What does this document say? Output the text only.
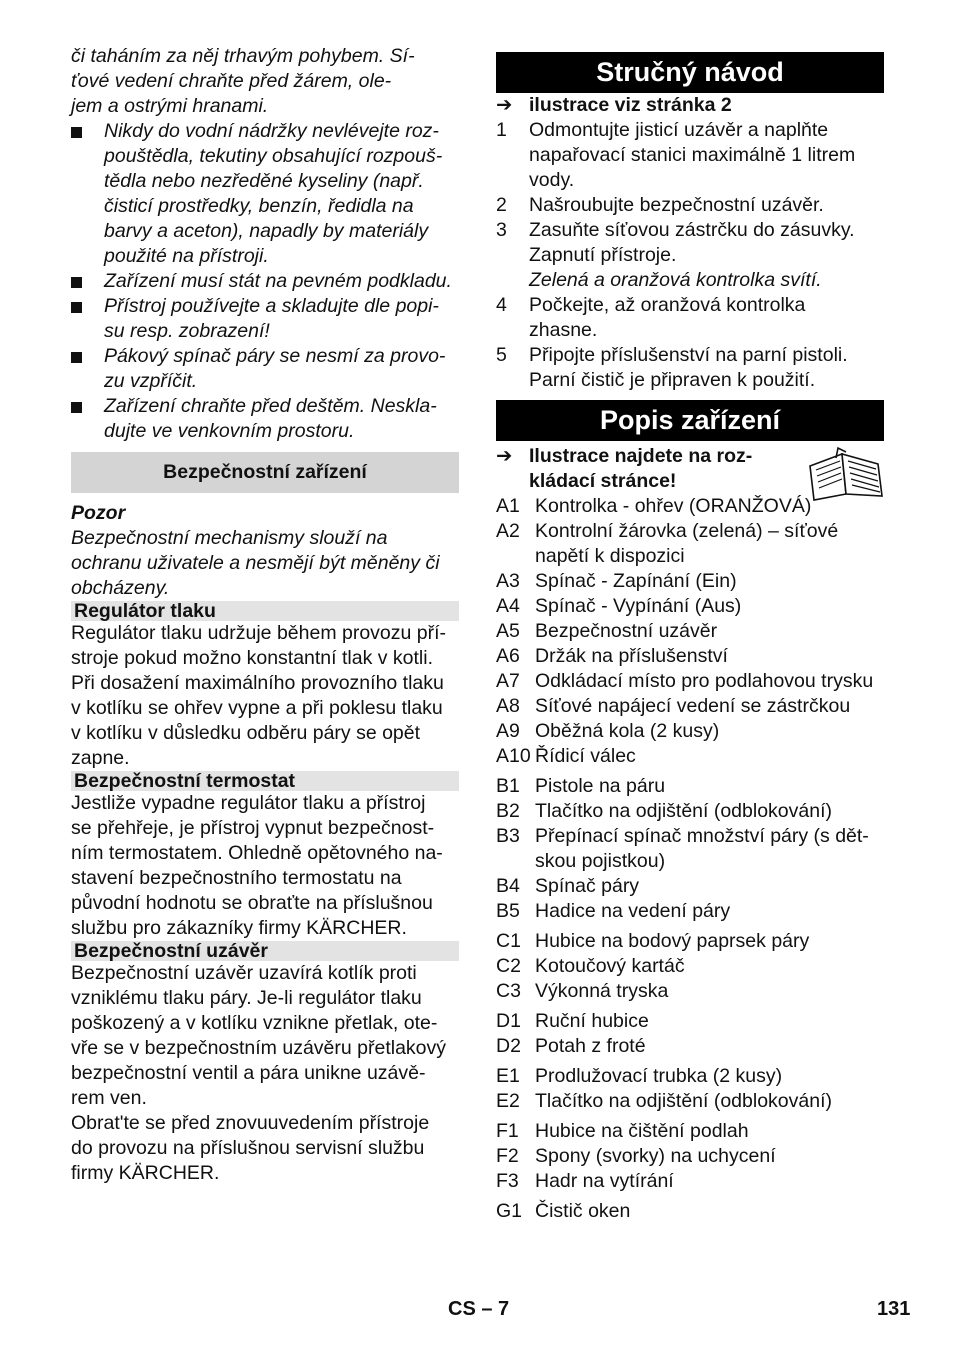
či taháním za něj trhavým pohybem. Sí-
ťové vedení chraňte před žárem, ole-
jem a ostrými hranami.
Nikdy do vodní nádržky nevlévejte roz-
pouštědla, tekutiny obsahující rozpouš-
tědla nebo nezředěné kyseliny (např.
čisticí prostředky, benzín, ředidla na
barvy a aceton), napadly by materiály
použité na přístroji.
Zařízení musí stát na pevném podkladu.
Přístroj používejte a skladujte dle popi-
su resp. zobrazení!
Pákový spínač páry se nesmí za provo-
zu vzpříčit.
Zařízení chraňte před deštěm. Neskla-
dujte ve venkovním prostoru.
Bezpečnostní zařízení
Pozor
Bezpečnostní mechanismy slouží na
ochranu uživatele a nesmějí být měněny či
obcházeny.
Regulátor tlaku
Regulátor tlaku udržuje během provozu pří-
stroje pokud možno konstantní tlak v kotli.
Při dosažení maximálního provozního tlaku
v kotlíku se ohřev vypne a při poklesu tlaku
v kotlíku v důsledku odběru páry se opět
zapne.
Bezpečnostní termostat
Jestliže vypadne regulátor tlaku a přístroj
se přehřeje, je přístroj vypnut bezpečnost-
ním termostatem. Ohledně opětovného na-
stavení bezpečnostního termostatu na
původní hodnotu se obraťte na příslušnou
službu pro zákazníky firmy KÄRCHER.
Bezpečnostní uzávěr
Bezpečnostní uzávěr uzavírá kotlík proti
vzniklému tlaku páry. Je-li regulátor tlaku
poškozený a v kotlíku vznikne přetlak, ote-
vře se v bezpečnostním uzávěru přetlakový
bezpečnostní ventil a pára unikne uzávě-
rem ven.
Obrat'te se před znovuuvedením přístroje
do provozu na příslušnou servisní službu
firmy KÄRCHER.
Stručný návod
➔ ilustrace viz stránka 2
1 Odmontujte jisticí uzávěr a naplňte
napařovací stanici maximálně 1 litrem
vody.
2 Našroubujte bezpečnostní uzávěr.
3 Zasuňte síťovou zástrčku do zásuvky.
Zapnutí přístroje.
Zelená a oranžová kontrolka svítí.
4 Počkejte, až oranžová kontrolka
zhasne.
5 Připojte příslušenství na parní pistoli.
Parní čistič je připraven k použití.
Popis zařízení
➔ Ilustrace najdete na roz-
kládací stránce!
A1 Kontrolka - ohřev (ORANŽOVÁ)
A2 Kontrolní žárovka (zelená) – síťové
napětí k dispozici
A3 Spínač - Zapínání (Ein)
A4 Spínač - Vypínání (Aus)
A5 Bezpečnostní uzávěr
A6 Držák na příslušenství
A7 Odkládací místo pro podlahovou trysku
A8 Síťové napájecí vedení se zástrčkou
A9 Oběžná kola (2 kusy)
A10 Řídicí válec
B1 Pistole na páru
B2 Tlačítko na odjištění (odblokování)
B3 Přepínací spínač množství páry (s dět-
skou pojistkou)
B4 Spínač páry
B5 Hadice na vedení páry
C1 Hubice na bodový paprsek páry
C2 Kotoučový kartáč
C3 Výkonná tryska
D1 Ruční hubice
D2 Potah z froté
E1 Prodlužovací trubka (2 kusy)
E2 Tlačítko na odjištění (odblokování)
F1 Hubice na čištění podlah
F2 Spony (svorky) na uchycení
F3 Hadr na vytírání
G1 Čistič oken
CS – 7	131
